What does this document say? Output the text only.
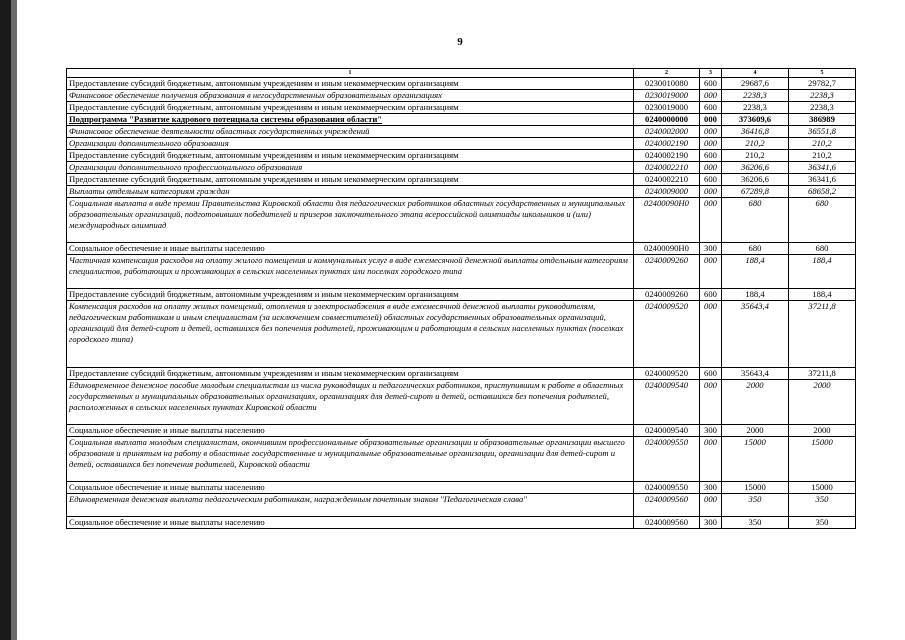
9
1	2	3	4	5
Предоставление субсидий бюджетным, автономным учреждениям и иным некоммерческим организациям	0230010080	600	29687,6	29782,7
Финансовое обеспечение получения образования в негосударственных образовательных организациях	0230019000	000	2238,3	2238,3
Предоставление субсидий бюджетным, автономным учреждениям и иным некоммерческим организациям	0230019000	600	2238,3	2238,3
Подпрограмма "Развитие кадрового потенциала системы образования области"	0240000000	000	373609,6	386989
Финансовое обеспечение деятельности областных государственных учреждений	0240002000	000	36416,8	36551,8
Организации дополнительного образования	0240002190	000	210,2	210,2
Предоставление субсидий бюджетным, автономным учреждениям и иным некоммерческим организациям	0240002190	600	210,2	210,2
Организации дополнительного профессионального образования	0240002210	000	36206,6	36341,6
Предоставление субсидий бюджетным, автономным учреждениям и иным некоммерческим организациям	0240002210	600	36206,6	36341,6
Выплаты отдельным категориям граждан	0240009000	000	67289,8	68658,2
Социальная выплата в виде премии Правительства Кировской области для педагогических работников областных государственных и муниципальных образовательных организаций, подготовивших победителей и призеров заключительного этапа всероссийской олимпиады школьников и (или) международных олимпиад	02400090Н0	000	680	680
Социальное обеспечение и иные выплаты населению	02400090Н0	300	680	680
Частичная компенсация расходов на оплату жилого помещения и коммунальных услуг в виде ежемесячной денежной выплаты отдельным категориям специалистов, работающих и проживающих в сельских населенных пунктах или поселках городского типа	0240009260	000	188,4	188,4
Предоставление субсидий бюджетным, автономным учреждениям и иным некоммерческим организациям	0240009260	600	188,4	188,4
Компенсация расходов на оплату жилых помещений, отопления и электроснабжения в виде ежемесячной денежной выплаты руководителям, педагогическим работникам и иным специалистам (за исключением совместителей) областных государственных образовательных организаций, организаций для детей-сирот и детей, оставшихся без попечения родителей, проживающим и работающим в сельских населенных пунктах (поселках городского типа)	0240009520	000	35643,4	37211,8
Предоставление субсидий бюджетным, автономным учреждениям и иным некоммерческим организациям	0240009520	600	35643,4	37211,8
Единовременное денежное пособие молодым специалистам из числа руководящих и педагогических работников, приступившим к работе в областных государственных и муниципальных образовательных организациях, организациях для детей-сирот и детей, оставшихся без попечения родителей, расположенных в сельских населенных пунктах Кировской области	0240009540	000	2000	2000
Социальное обеспечение и иные выплаты населению	0240009540	300	2000	2000
Социальная выплата молодым специалистам, окончившим профессиональные образовательные организации и образовательные организации высшего образования и принятым на работу в областные государственные и муниципальные образовательные организации, организации для детей-сирот и детей, оставшихся без попечения родителей, Кировской области	0240009550	000	15000	15000
Социальное обеспечение и иные выплаты населению	0240009550	300	15000	15000
Единовременная денежная выплата педагогическим работникам, награжденным почетным знаком "Педагогическая слава"	0240009560	000	350	350
Социальное обеспечение и иные выплаты населению	0240009560	300	350	350
